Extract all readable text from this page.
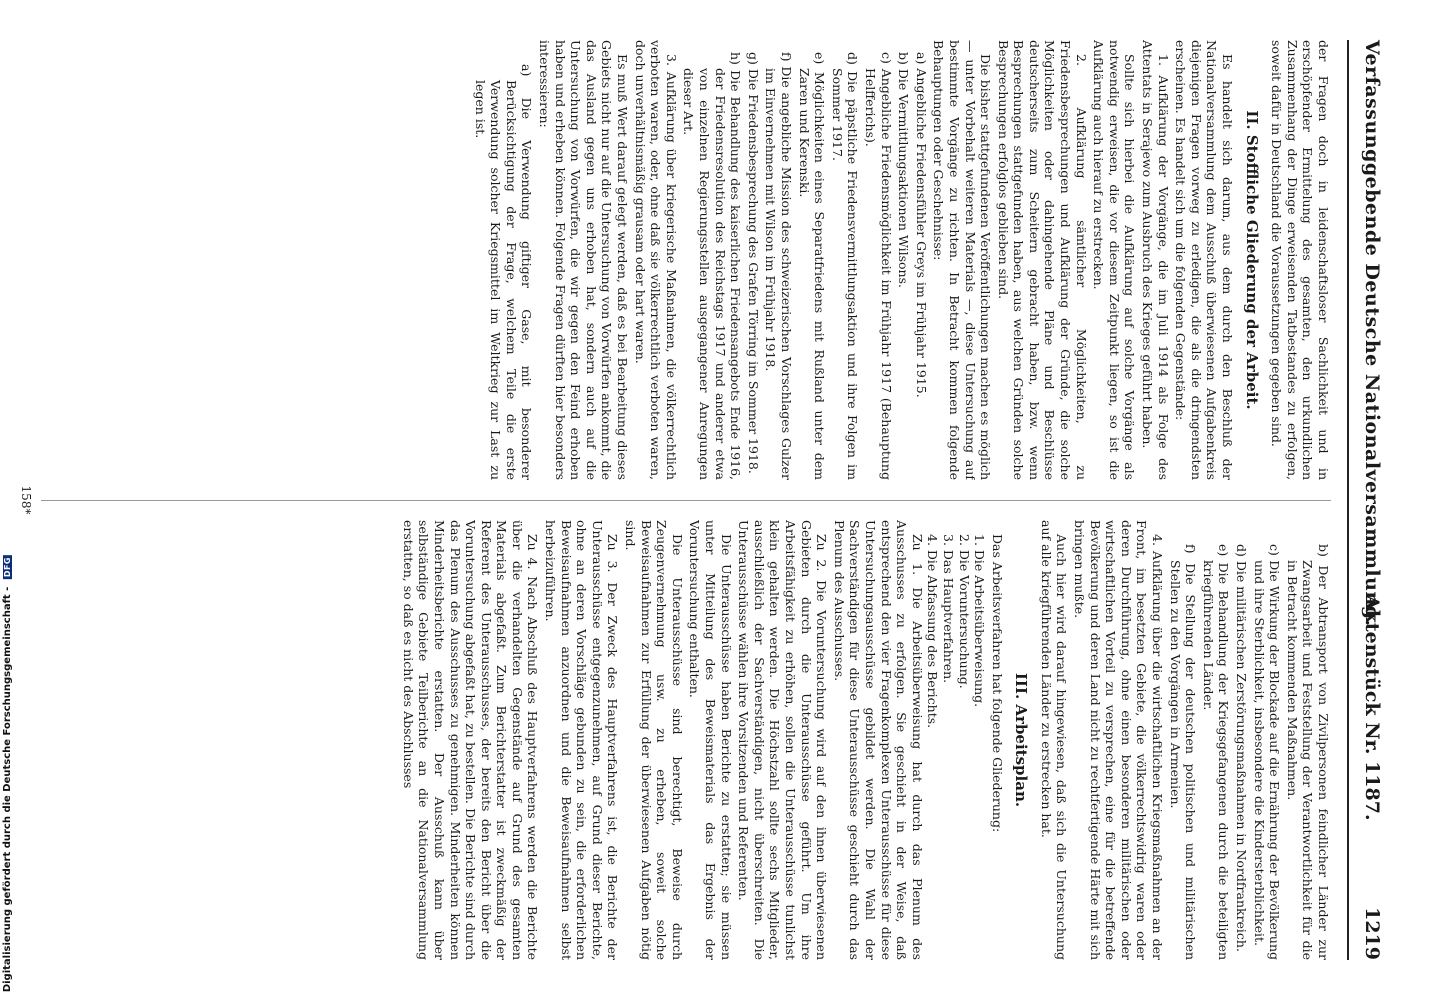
Verfassunggebende Deutsche Nationalversammlung.
Aktenstück Nr. 1187.
1219

der Fragen doch in leidenschaftsloser Sachlichkeit und in erschöpfender Ermittelung des gesamten, den urkundlichen Zusammenhang der Dinge erweisenden Tatbestandes zu erfolgen, soweit dafür in Deutschland die Voraussetzungen gegeben sind.

II. Stoffliche Gliederung der Arbeit.

Es handelt sich darum, aus dem durch den Beschluß der Nationalversammlung dem Ausschuß überwiesenen Aufgabenkreis diejenigen Fragen vorweg zu erledigen, die als die dringendsten erscheinen. Es handelt sich um die folgenden Gegenstände:

1. Aufklärung der Vorgänge, die im Juli 1914 als Folge des Attentats in Serajewo zum Ausbruch des Krieges geführt haben.

Sollte sich hierbei die Aufklärung auf solche Vorgänge als notwendig erweisen, die vor diesem Zeitpunkt liegen, so ist die Aufklärung auch hierauf zu erstrecken.

2. Aufklärung sämtlicher Möglichkeiten, zu Friedensbesprechungen und Aufklärung der Gründe, die solche Möglichkeiten oder dahingehende Pläne und Beschlüsse deutscherseits zum Scheitern gebracht haben, bzw. wenn Besprechungen stattgefunden haben, aus welchen Gründen solche Besprechungen erfolglos geblieben sind.

Die bisher stattgefundenen Veröffentlichungen machen es möglich — unter Vorbehalt weiteren Materials —, diese Untersuchung auf bestimmte Vorgänge zu richten. In Betracht kommen folgende Behauptungen oder Geschehnisse:

a) Angebliche Friedensfühler Greys im Frühjahr 1915.
b) Die Vermittlungsaktionen Wilsons.
c) Angebliche Friedensmöglichkeit im Frühjahr 1917 (Behauptung Helfferichs).
d) Die päpstliche Friedensvermittlungsaktion und ihre Folgen im Sommer 1917.
e) Möglichkeiten eines Separatfriedens mit Rußland unter dem Zaren und Kerenski.
f) Die angebliche Mission des schweizerischen Vorschlages Gulzer im Einvernehmen mit Wilson im Frühjahr 1918.
g) Die Friedensbesprechung des Grafen Törring im Sommer 1918.
h) Die Behandlung des kaiserlichen Friedensangebots Ende 1916, der Friedensresolution des Reichstags 1917 und anderer etwa von einzelnen Regierungsstellen ausgegangener Anregungen dieser Art.

3. Aufklärung über kriegerische Maßnahmen, die völkerrechtlich verboten waren, oder, ohne daß sie völkerrechtlich verboten waren, doch unverhältnismäßig grausam oder hart waren.

Es muß Wert darauf gelegt werden, daß es bei Bearbeitung dieses Gebiets nicht nur auf die Untersuchung von Vorwürfen ankommt, die das Ausland gegen uns erhoben hat, sondern auch auf die Untersuchung von Vorwürfen, die wir gegen den Feind erhoben haben und erheben können. Folgende Fragen dürften hier besonders interessieren:

a) Die Verwendung giftiger Gase, mit besonderer Berücksichtigung der Frage, welchem Teile die erste Verwendung solcher Kriegsmittel im Weltkrieg zur Last zu legen ist.
b) Der Abtransport von Zivilpersonen feindlicher Länder zur Zwangsarbeit und Feststellung der Verantwortlichkeit für die in Betracht kommenden Maßnahmen.
c) Die Wirkung der Blockade auf die Ernährung der Bevölkerung und ihre Sterblichkeit, insbesondere die Kindersterblichkeit.
d) Die militärischen Zerstörungsmaßnahmen in Nordfrankreich.
e) Die Behandlung der Kriegsgefangenen durch die beteiligten kriegführenden Länder.
f) Die Stellung der deutschen politischen und militärischen Stellen zu den Vorgängen in Armenien.

4. Aufklärung über die wirtschaftlichen Kriegsmaßnahmen an der Front, im besetzten Gebiete, die völkerrechtswidrig waren oder deren Durchführung, ohne einen besonderen militärischen oder wirtschaftlichen Vorteil zu versprechen, eine für die betreffende Bevölkerung und deren Land nicht zu rechtfertigende Härte mit sich bringen mußte.

Auch hier wird darauf hingewiesen, daß sich die Untersuchung auf alle kriegführenden Länder zu erstrecken hat.

III. Arbeitsplan.

Das Arbeitsverfahren hat folgende Gliederung:

1. Die Arbeitsüberweisung.
2. Die Voruntersuchung.
3. Das Hauptverfahren.
4. Die Abfassung des Berichts.

Zu 1. Die Arbeitsüberweisung hat durch das Plenum des Ausschusses zu erfolgen. Sie geschieht in der Weise, daß entsprechend den vier Fragenkomplexen Unterausschüsse für diese Untersuchungsausschüsse gebildet werden. Die Wahl der Sachverständigen für diese Unterausschüsse geschieht durch das Plenum des Ausschusses.

Zu 2. Die Voruntersuchung wird auf den ihnen überwiesenen Gebieten durch die Unterausschüsse geführt. Um ihre Arbeitsfähigkeit zu erhöhen, sollen die Unterausschüsse tunlichst klein gehalten werden. Die Höchstzahl sollte sechs Mitglieder, ausschließlich der Sachverständigen, nicht überschreiten. Die Unterausschüsse wählen ihre Vorsitzenden und Referenten.

Die Unterausschüsse haben Berichte zu erstatten; sie müssen unter Mitteilung des Beweismaterials das Ergebnis der Voruntersuchung enthalten.

Die Unterausschüsse sind berechtigt, Beweise durch Zeugenvernehmung usw. zu erheben, soweit solche Beweisaufnahmen zur Erfüllung der überwiesenen Aufgaben nötig sind.

Zu 3. Der Zweck des Hauptverfahrens ist, die Berichte der Unterausschüsse entgegenzunehmen, auf Grund dieser Berichte, ohne an deren Vorschläge gebunden zu sein, die erforderlichen Beweisaufnahmen anzuordnen und die Beweisaufnahmen selbst herbeizuführen.

Zu 4. Nach Abschluß des Hauptverfahrens werden die Berichte über die verhandelten Gegenstände auf Grund des gesamten Materials abgefaßt. Zum Berichterstatter ist zweckmäßig der Referent des Unterausschusses, der bereits den Bericht über die Voruntersuchung abgefaßt hat, zu bestellen. Die Berichte sind durch das Plenum des Ausschusses zu genehmigen. Minderheiten können Minderheitsberichte erstatten. Der Ausschuß kann über selbständige Gebiete Teilberichte an die Nationalversammlung erstatten, so daß es nicht des Abschlusses

158*
Digitalisierung gefördert durch die Deutsche Forschungsgemeinschaft - DFG
